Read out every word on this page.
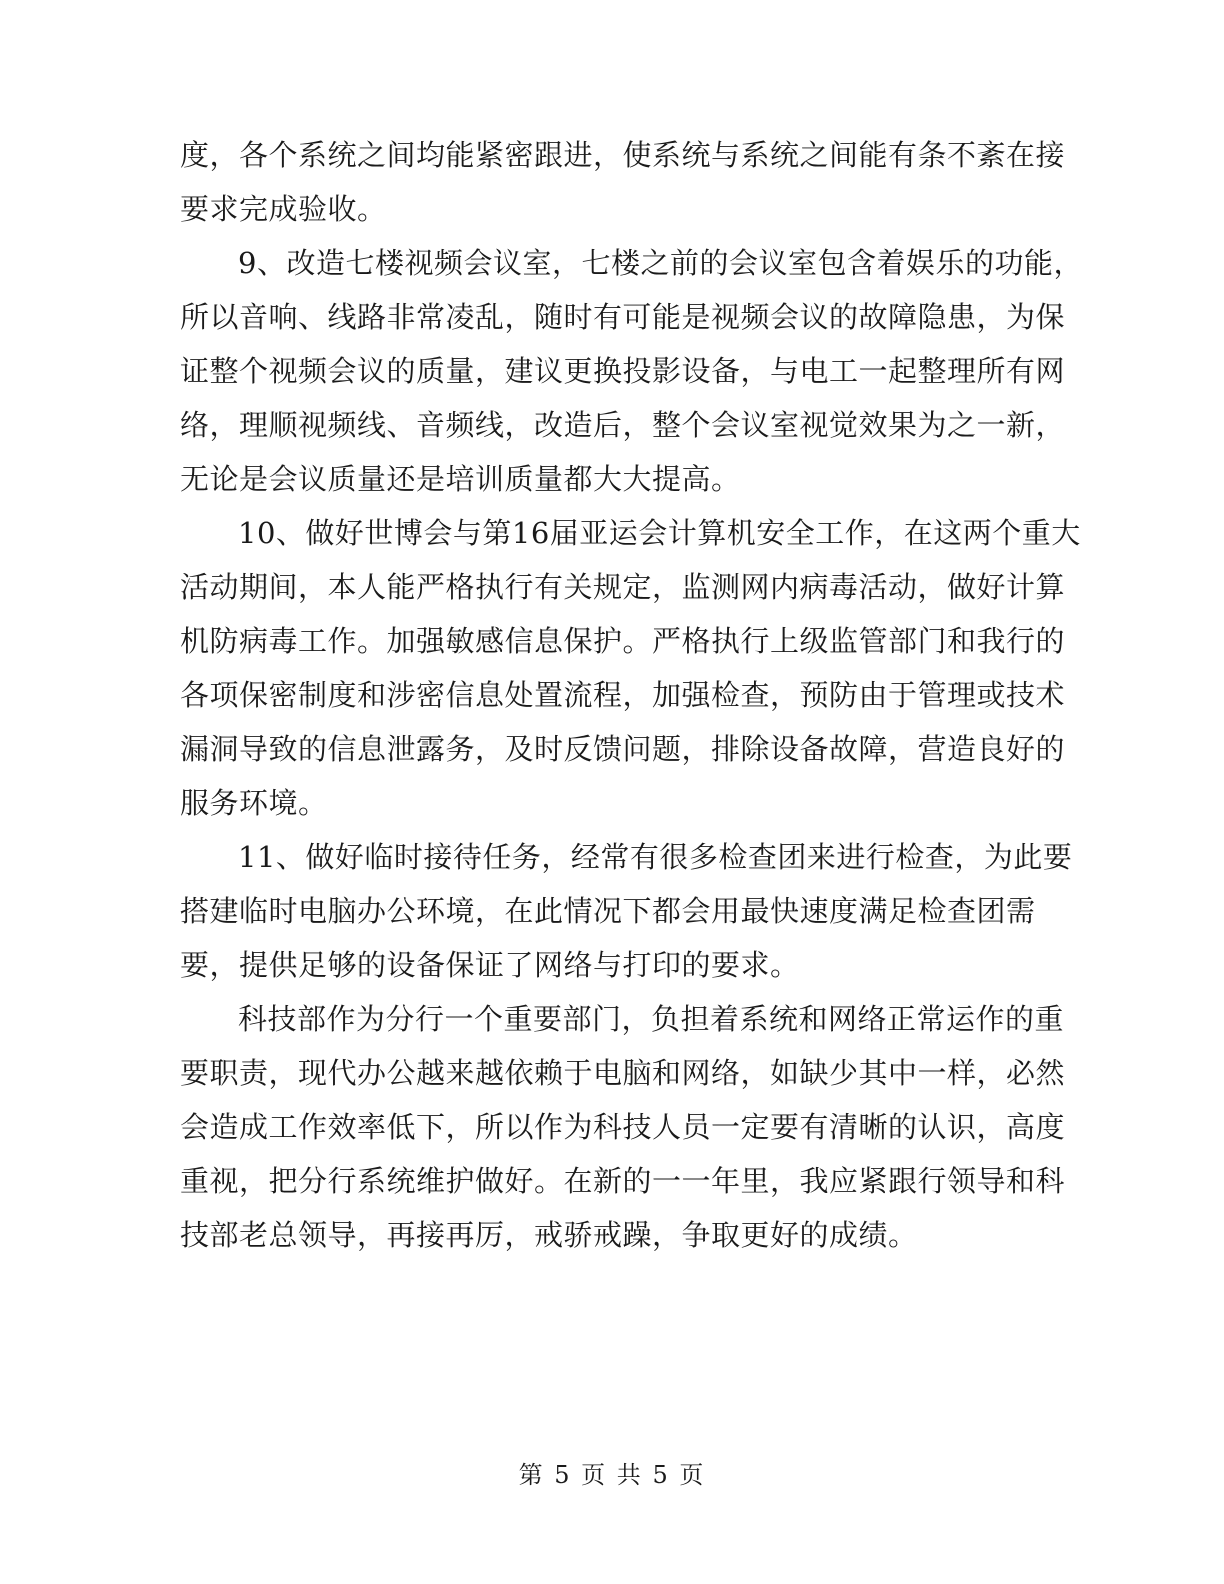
度，各个系统之间均能紧密跟进，使系统与系统之间能有条不紊在接
要求完成验收。
9、改造七楼视频会议室，七楼之前的会议室包含着娱乐的功能，
所以音响、线路非常凌乱，随时有可能是视频会议的故障隐患，为保
证整个视频会议的质量，建议更换投影设备，与电工一起整理所有网
络，理顺视频线、音频线，改造后，整个会议室视觉效果为之一新，
无论是会议质量还是培训质量都大大提高。
10、做好世博会与第16届亚运会计算机安全工作，在这两个重大
活动期间，本人能严格执行有关规定，监测网内病毒活动，做好计算
机防病毒工作。加强敏感信息保护。严格执行上级监管部门和我行的
各项保密制度和涉密信息处置流程，加强检查，预防由于管理或技术
漏洞导致的信息泄露务，及时反馈问题，排除设备故障，营造良好的
服务环境。
11、做好临时接待任务，经常有很多检查团来进行检查，为此要
搭建临时电脑办公环境，在此情况下都会用最快速度满足检查团需
要，提供足够的设备保证了网络与打印的要求。
科技部作为分行一个重要部门，负担着系统和网络正常运作的重
要职责，现代办公越来越依赖于电脑和网络，如缺少其中一样，必然
会造成工作效率低下，所以作为科技人员一定要有清晰的认识，高度
重视，把分行系统维护做好。在新的一一年里，我应紧跟行领导和科
技部老总领导，再接再厉，戒骄戒躁，争取更好的成绩。
第 5 页 共 5 页
